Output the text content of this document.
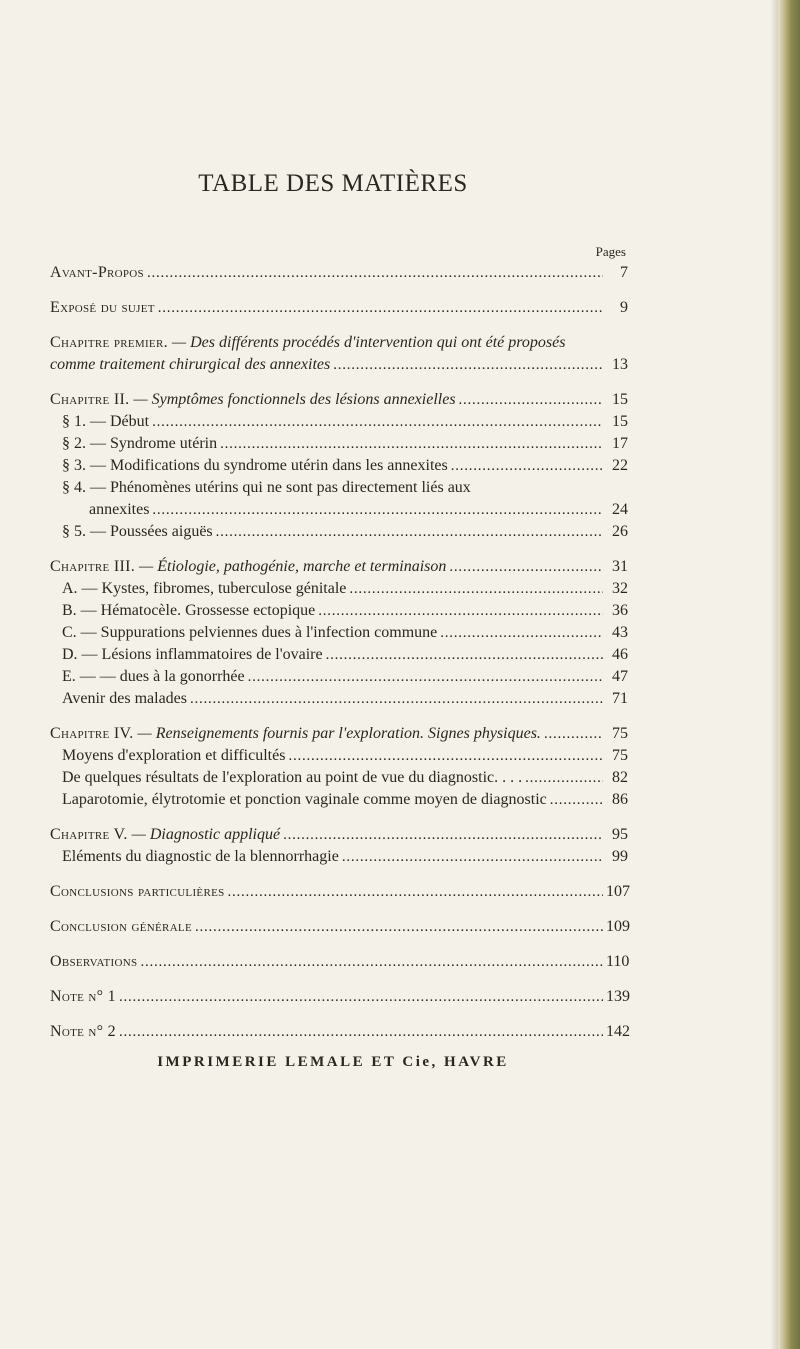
TABLE DES MATIÈRES
Pages
Avant-Propos . . .	7
Exposé du sujet . . .	9
Chapitre premier. — Des différents procédés d'intervention qui ont été proposés
comme traitement chirurgical des annexites . . .	13
Chapitre II. — Symptômes fonctionnels des lésions annexielles . . .	15
§ 1. — Début . . .	15
§ 2. — Syndrome utérin . . .	17
§ 3. — Modifications du syndrome utérin dans les annexites . . .	22
§ 4. — Phénomènes utérins qui ne sont pas directement liés aux
annexites . . .	24
§ 5. — Poussées aiguës . . .	26
Chapitre III. — Étiologie, pathogénie, marche et terminaison . . .	31
A. — Kystes, fibromes, tuberculose génitale . . .	32
B. — Hématocèle. Grossesse ectopique . . .	36
C. — Suppurations pelviennes dues à l'infection commune . . .	43
D. — Lésions inflammatoires de l'ovaire . . .	46
E. — — dues à la gonorrhée . . .	47
Avenir des malades . . .	71
Chapitre IV. — Renseignements fournis par l'exploration. Signes physiques. . . .	75
Moyens d'exploration et difficultés . . .	75
De quelques résultats de l'exploration au point de vue du diagnostic. . . . . . .	82
Laparotomie, élytrotomie et ponction vaginale comme moyen de diagnostic . . .	86
Chapitre V. — Diagnostic appliqué . . .	95
Eléments du diagnostic de la blennorrhagie . . .	99
Conclusions particulières . . .	107
Conclusion générale . . .	109
Observations . . .	110
Note n° 1 . . .	139
Note n° 2 . . .	142
IMPRIMERIE LEMALE ET Cie, HAVRE
